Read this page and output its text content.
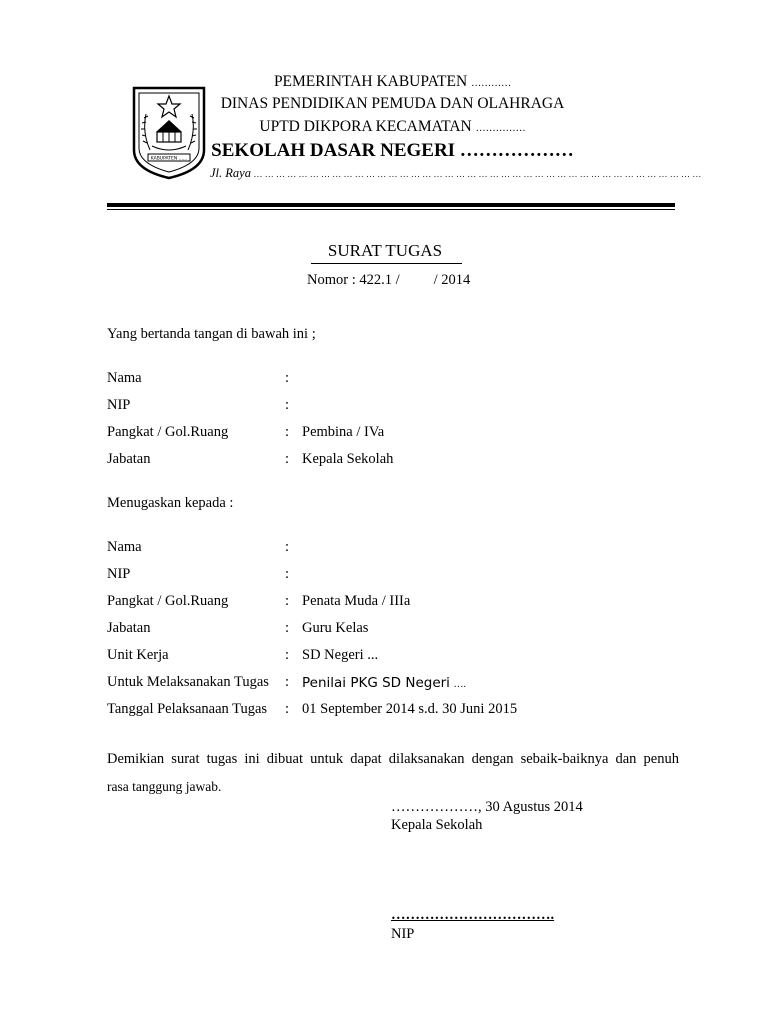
KABUPATEN ......
PEMERINTAH KABUPATEN …………
DINAS PENDIDIKAN PEMUDA DAN OLAHRAGA
UPTD DIKPORA KECAMATAN ……………
SEKOLAH DASAR NEGERI ………………
Jl. Raya … … … … … … … … … … … … … … … … … … … … … … … … … … … … … … … … … … … … … … … …
SURAT TUGAS
Nomor : 422.1 / / 2014
Yang bertanda tangan di bawah ini ;
Nama	:
NIP	:
Pangkat / Gol.Ruang	: Pembina / IVa
Jabatan	: Kepala Sekolah
Menugaskan kepada :
Nama	:
NIP	:
Pangkat / Gol.Ruang	: Penata Muda / IIIa
Jabatan	: Guru Kelas
Unit Kerja	: SD Negeri ...
Untuk Melaksanakan Tugas : Penilai PKG SD Negeri ….
Tanggal Pelaksanaan Tugas : 01 September 2014 s.d. 30 Juni 2015
Demikian surat tugas ini dibuat untuk dapat dilaksanakan dengan sebaik-baiknya dan penuh
rasa tanggung jawab.
………………, 30 Agustus 2014
Kepala Sekolah
…………………………….
NIP
